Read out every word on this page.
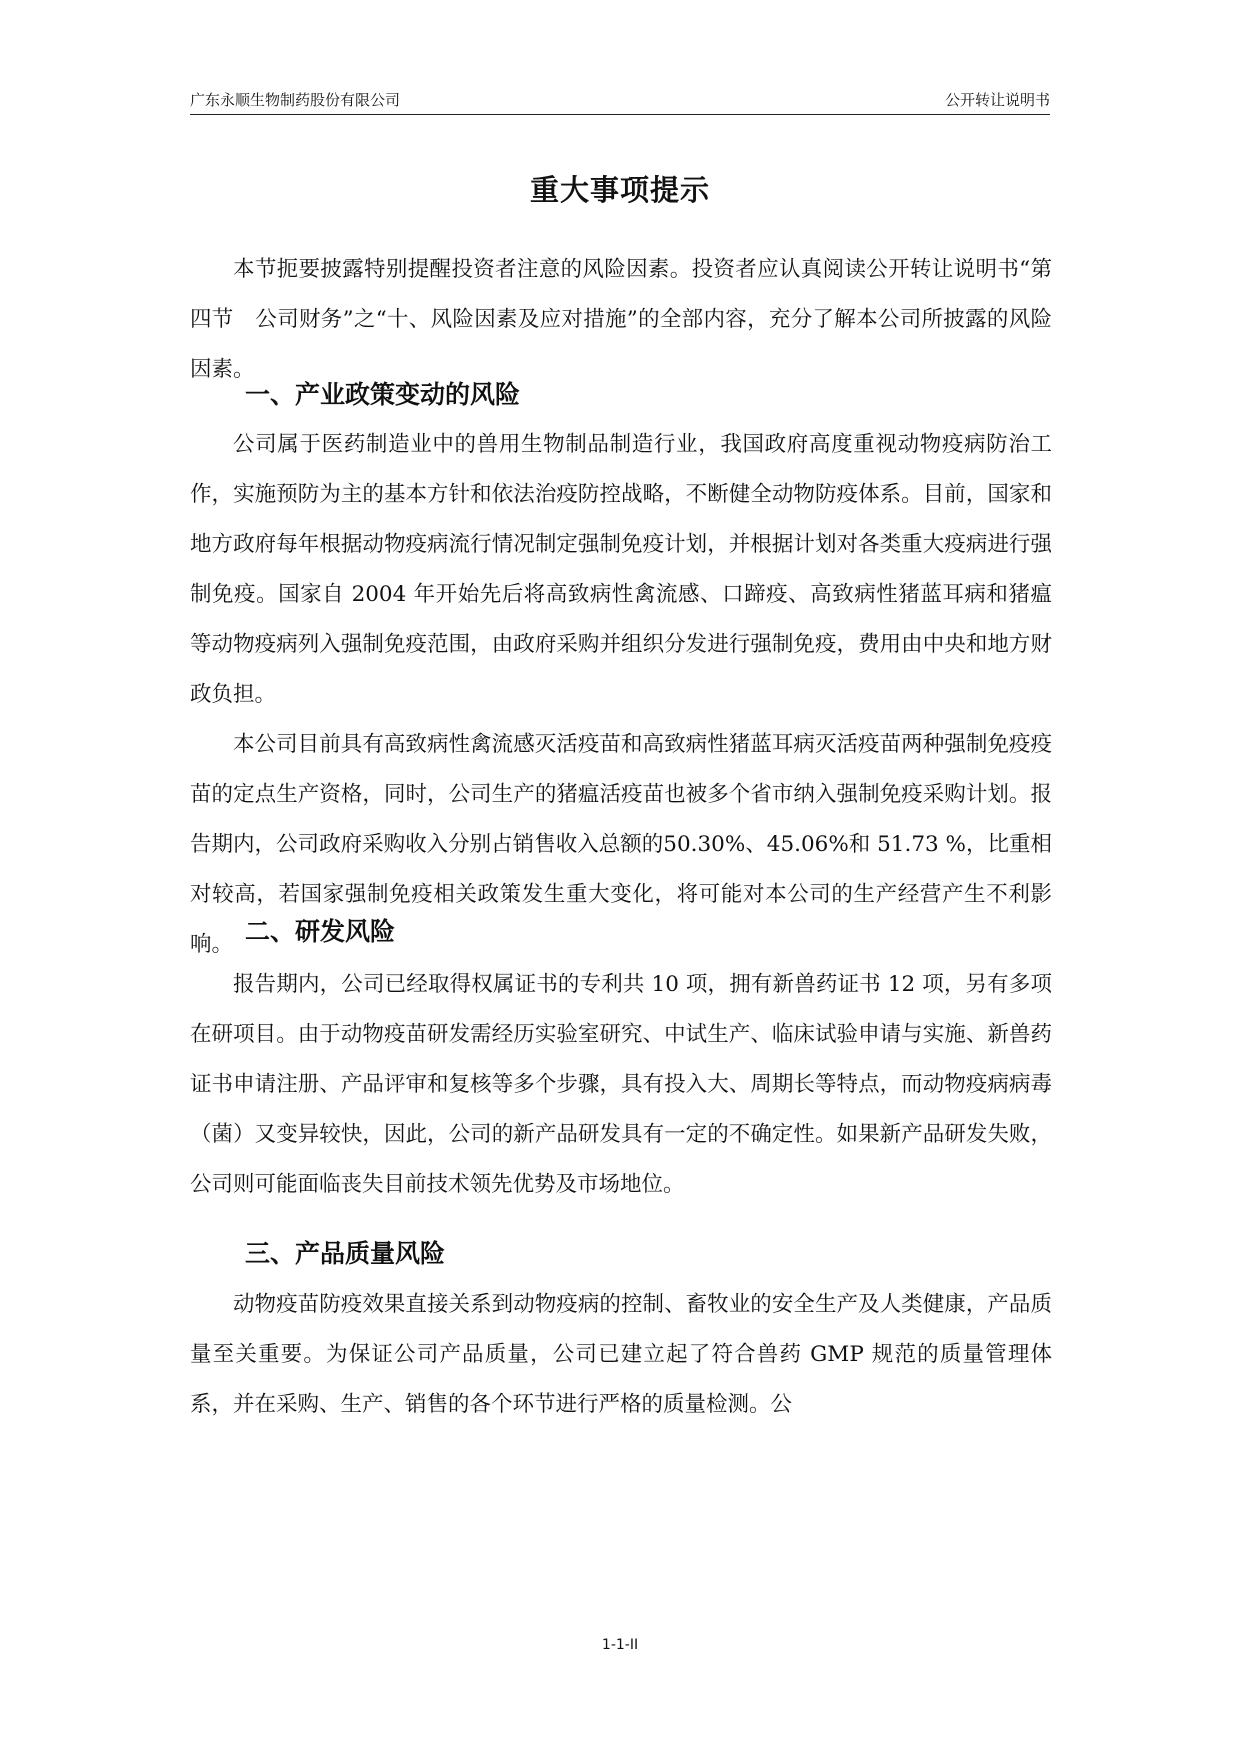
广东永顺生物制药股份有限公司	公开转让说明书
重大事项提示

本节扼要披露特别提醒投资者注意的风险因素。投资者应认真阅读公开转让说明书“第四节　公司财务”之“十、风险因素及应对措施”的全部内容，充分了解本公司所披露的风险因素。

一、产业政策变动的风险

公司属于医药制造业中的兽用生物制品制造行业，我国政府高度重视动物疫病防治工作，实施预防为主的基本方针和依法治疫防控战略，不断健全动物防疫体系。目前，国家和地方政府每年根据动物疫病流行情况制定强制免疫计划，并根据计划对各类重大疫病进行强制免疫。国家自 2004 年开始先后将高致病性禽流感、口蹄疫、高致病性猪蓝耳病和猪瘟等动物疫病列入强制免疫范围，由政府采购并组织分发进行强制免疫，费用由中央和地方财政负担。

本公司目前具有高致病性禽流感灭活疫苗和高致病性猪蓝耳病灭活疫苗两种强制免疫疫苗的定点生产资格，同时，公司生产的猪瘟活疫苗也被多个省市纳入强制免疫采购计划。报告期内，公司政府采购收入分别占销售收入总额的50.30%、45.06%和 51.73 %，比重相对较高，若国家强制免疫相关政策发生重大变化，将可能对本公司的生产经营产生不利影响。 二、研发风险

报告期内，公司已经取得权属证书的专利共 10 项，拥有新兽药证书 12 项，另有多项在研项目。由于动物疫苗研发需经历实验室研究、中试生产、临床试验申请与实施、新兽药证书申请注册、产品评审和复核等多个步骤，具有投入大、周期长等特点，而动物疫病病毒（菌）又变异较快，因此，公司的新产品研发具有一定的不确定性。如果新产品研发失败，公司则可能面临丧失目前技术领先优势及市场地位。

三、产品质量风险

动物疫苗防疫效果直接关系到动物疫病的控制、畜牧业的安全生产及人类健康，产品质量至关重要。为保证公司产品质量，公司已建立起了符合兽药 GMP 规范的质量管理体系，并在采购、生产、销售的各个环节进行严格的质量检测。公

1-1-II
